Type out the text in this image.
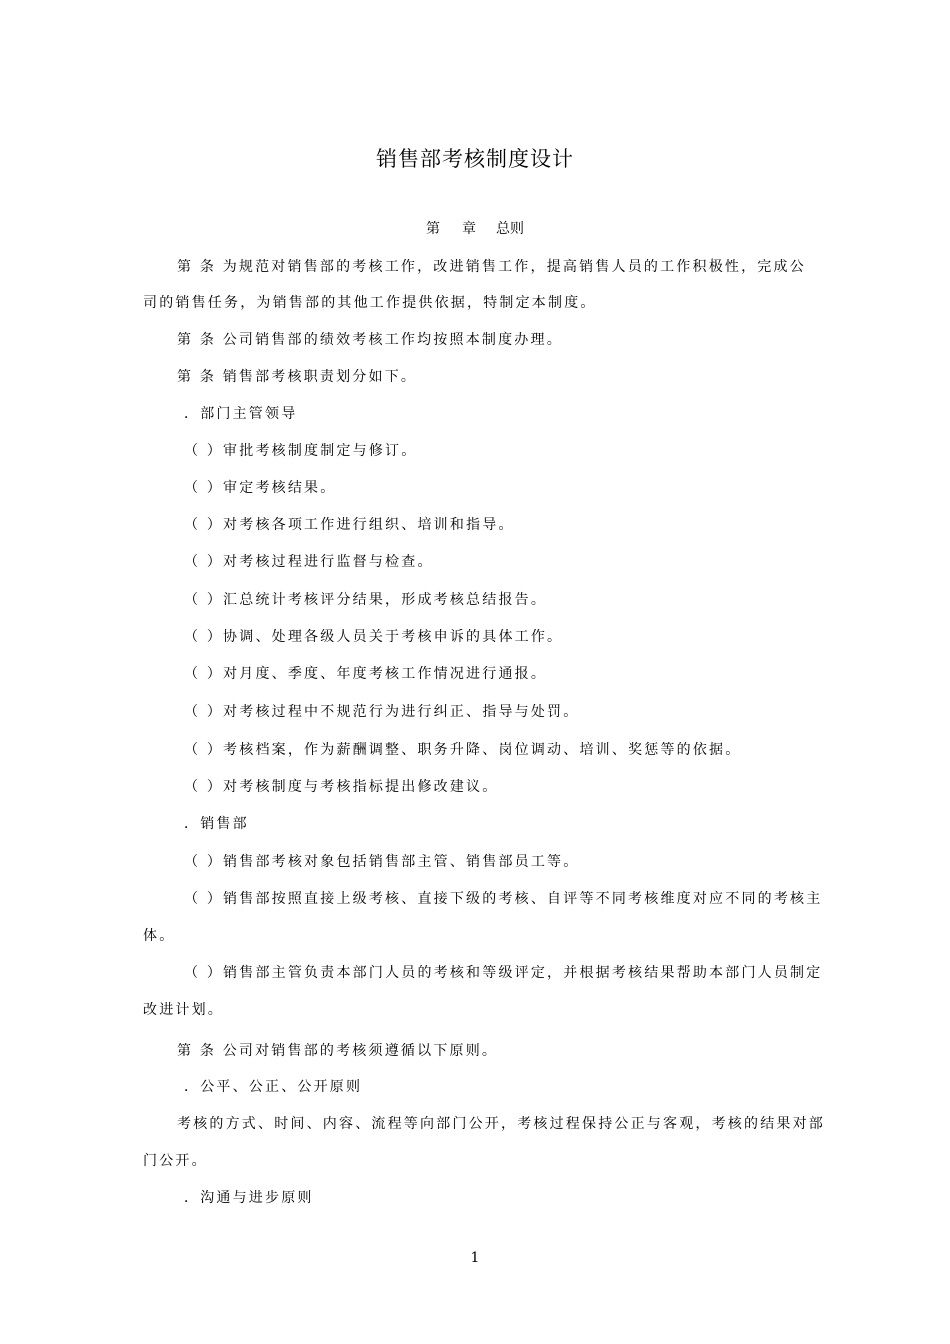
销售部考核制度设计
第 章 总则
第 条 为规范对销售部的考核工作，改进销售工作，提高销售人员的工作积极性，完成公
司的销售任务，为销售部的其他工作提供依据，特制定本制度。
第 条 公司销售部的绩效考核工作均按照本制度办理。
第 条 销售部考核职责划分如下。
．部门主管领导
（ ）审批考核制度制定与修订。
（ ）审定考核结果。
（ ）对考核各项工作进行组织、培训和指导。
（ ）对考核过程进行监督与检查。
（ ）汇总统计考核评分结果，形成考核总结报告。
（ ）协调、处理各级人员关于考核申诉的具体工作。
（ ）对月度、季度、年度考核工作情况进行通报。
（ ）对考核过程中不规范行为进行纠正、指导与处罚。
（ ）考核档案，作为薪酬调整、职务升降、岗位调动、培训、奖惩等的依据。
（ ）对考核制度与考核指标提出修改建议。
．销售部
（ ）销售部考核对象包括销售部主管、销售部员工等。
（ ）销售部按照直接上级考核、直接下级的考核、自评等不同考核维度对应不同的考核主
体。
（ ）销售部主管负责本部门人员的考核和等级评定，并根据考核结果帮助本部门人员制定
改进计划。
第 条 公司对销售部的考核须遵循以下原则。
．公平、公正、公开原则
考核的方式、时间、内容、流程等向部门公开，考核过程保持公正与客观，考核的结果对部
门公开。
．沟通与进步原则
1
